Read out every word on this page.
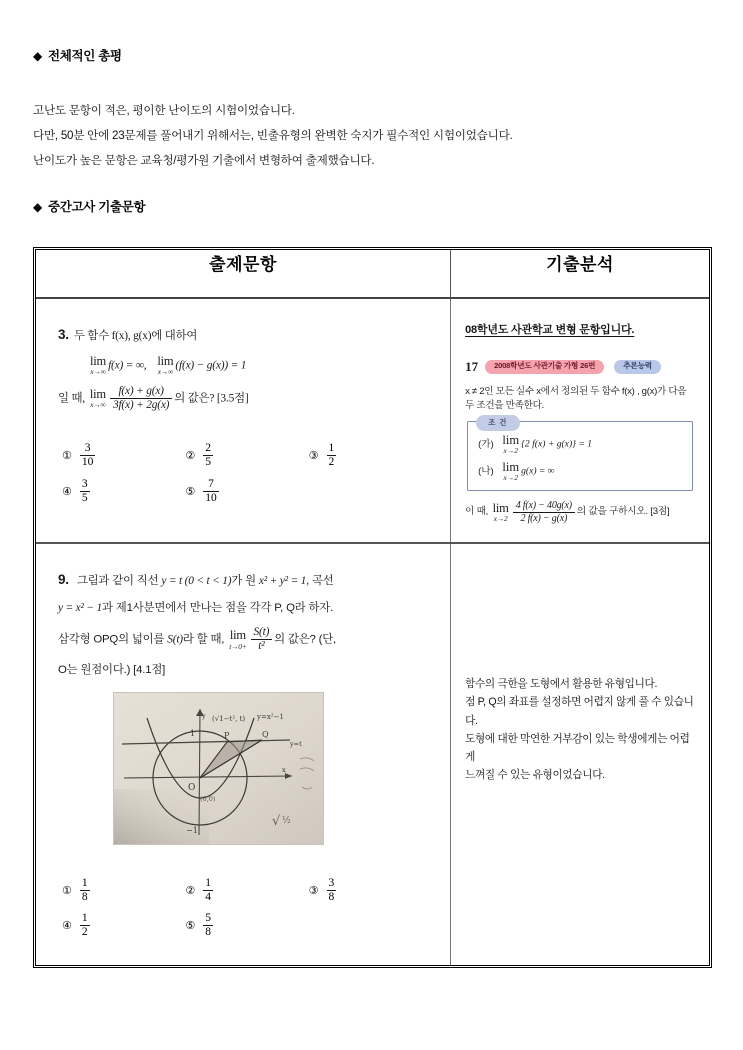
◆ 전체적인 총평
고난도 문항이 적은, 평이한 난이도의 시험이었습니다.
다만, 50분 안에 23문제를 풀어내기 위해서는, 빈출유형의 완벽한 숙지가 필수적인 시험이었습니다.
난이도가 높은 문항은 교육청/평가원 기출에서 변형하여 출제했습니다.
◆ 중간고사 기출문항
출제문항	기출분석

3. 두 함수 f(x), g(x)에 대하여
lim
x→∞
f(x) = ∞, lim
x→∞
(f(x) − g(x)) = 1
일 때, lim
$x\to\infty \frac{f(x) + g(x)}{3f(x) + 2g(x)}$ 의 값은? [3.5점]
① $\frac{3}{10}$	② $\frac{2}{5}$	③ $\frac{1}{2}$
④ $\frac{3}{5}$	⑤ $\frac{7}{10}$

08학년도 사관학교 변형 문항입니다.
17	2008학년도 사관기출 가형 26번	추론능력
x ≠ 2인 모든 실수 x에서 정의된 두 함수 f(x) , g(x)가 다음 두 조건을 만족한다.
조건
(가) lim
x→2
{2 f(x) + g(x)} = 1
(나) lim
x→2
g(x) = ∞
이 때, lim
$x\to 2 \frac{4 f(x) - 40g(x)}{2 f(x) - g(x)}$ 의 값을 구하시오. [3점]

9. 그림과 같이 직선 y = t (0 < t < 1)가 원 x² + y² = 1, 곡선
y = x² − 1과 제1사분면에서 만나는 점을 각각 P, Q라 하자.
삼각형 OPQ의 넓이를 S(t)라 할 때, lim
$t\to 0+ \frac{S(t)}{\text{t²}}$ 의 값은? (단,
O는 원점이다.) [4.1점]
1
−1
O
P	Q
y
x
(√1−t², t) y=x²−1
y=t
(0,0)
√ ½
① $\frac{1}{8}$	② $\frac{1}{4}$	③ $\frac{3}{8}$
④ $\frac{1}{2}$	⑤ $\frac{5}{8}$

함수의 극한을 도형에서 활용한 유형입니다.
점 P, Q의 좌표를 설정하면 어렵지 않게 풀 수 있습니
다.
도형에 대한 막연한 거부감이 있는 학생에게는 어렵게
느껴질 수 있는 유형이었습니다.
